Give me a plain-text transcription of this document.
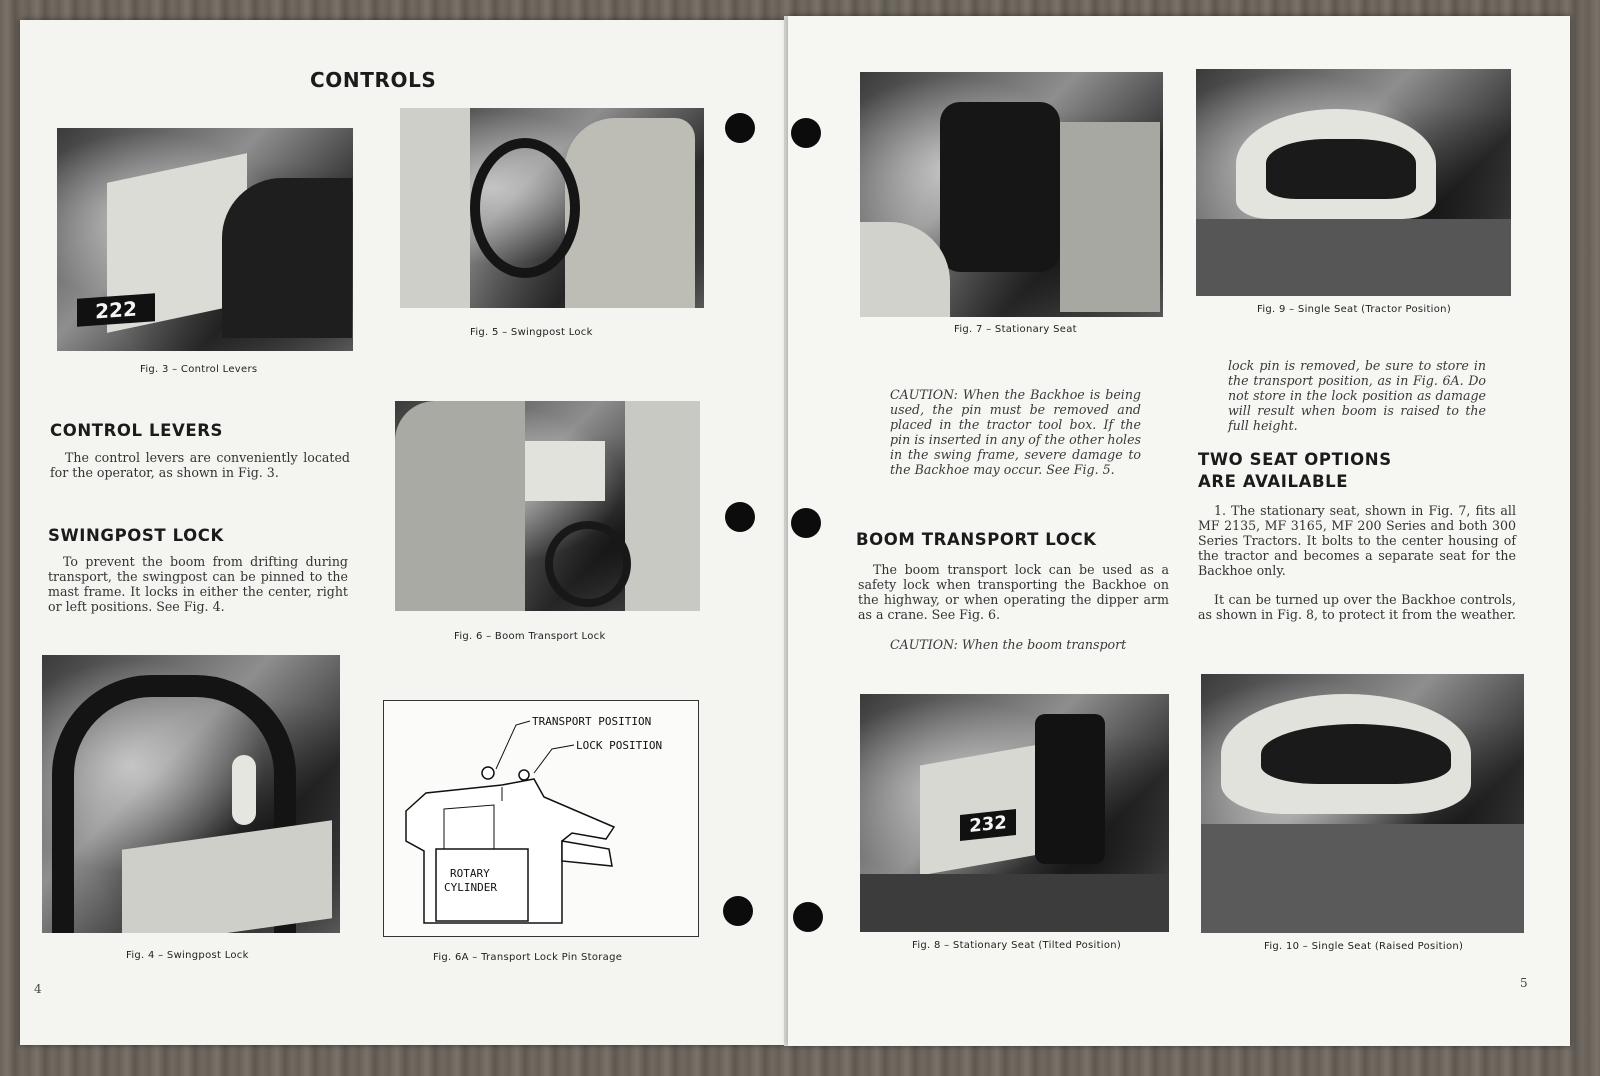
CONTROLS
222
Fig. 3 – Control Levers
Fig. 5 – Swingpost Lock
CONTROL LEVERS
The control levers are conveniently located for the operator, as shown in Fig. 3.
SWINGPOST LOCK
To prevent the boom from drifting during transport, the swingpost can be pinned to the mast frame. It locks in either the center, right or left positions. See Fig. 4.
Fig. 6 – Boom Transport Lock
Fig. 4 – Swingpost Lock
TRANSPORT POSITION
LOCK POSITION
ROTARY
CYLINDER
Fig. 6A – Transport Lock Pin Storage
4
Fig. 7 – Stationary Seat
Fig. 9 – Single Seat (Tractor Position)
CAUTION: When the Backhoe is being used, the pin must be removed and placed in the tractor tool box. If the pin is inserted in any of the other holes in the swing frame, severe damage to the Backhoe may occur. See Fig. 5.
lock pin is removed, be sure to store in the transport position, as in Fig. 6A. Do not store in the lock position as damage will result when boom is raised to the full height.
BOOM TRANSPORT LOCK
The boom transport lock can be used as a safety lock when transporting the Backhoe on the highway, or when operating the dipper arm as a crane. See Fig. 6.
CAUTION: When the boom transport
TWO SEAT OPTIONS
ARE AVAILABLE
1. The stationary seat, shown in Fig. 7, fits all MF 2135, MF 3165, MF 200 Series and both 300 Series Tractors. It bolts to the center housing of the tractor and becomes a separate seat for the Backhoe only.
It can be turned up over the Backhoe controls, as shown in Fig. 8, to protect it from the weather.
232
Fig. 8 – Stationary Seat (Tilted Position)	Fig. 10 – Single Seat (Raised Position)
5
